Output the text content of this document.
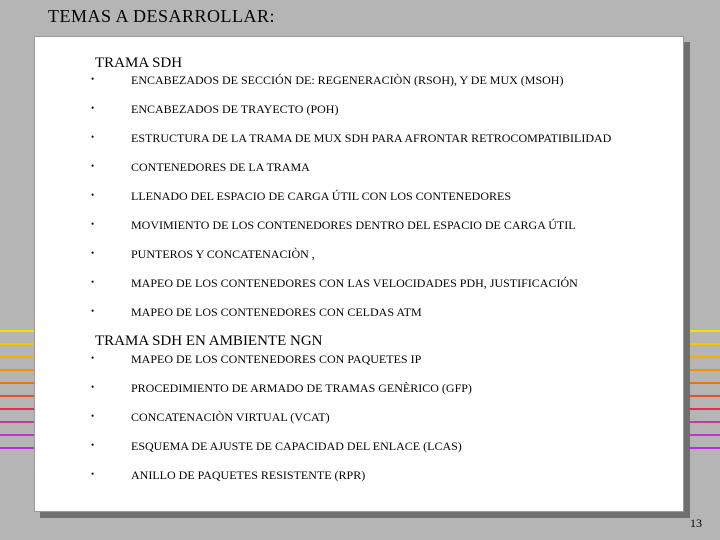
TEMAS A DESARROLLAR:
TRAMA SDH
•	ENCABEZADOS DE SECCIÓN DE: REGENERACIÒN (RSOH), Y DE MUX (MSOH)
•	ENCABEZADOS DE TRAYECTO (POH)
•	ESTRUCTURA DE LA TRAMA DE MUX SDH PARA AFRONTAR RETROCOMPATIBILIDAD
•	CONTENEDORES DE LA TRAMA
•	LLENADO DEL ESPACIO DE CARGA ÚTIL CON LOS CONTENEDORES
•	MOVIMIENTO DE LOS CONTENEDORES DENTRO DEL ESPACIO DE CARGA ÚTIL
•	PUNTEROS Y CONCATENACIÒN ,
•	MAPEO DE LOS CONTENEDORES CON LAS VELOCIDADES PDH, JUSTIFICACIÓN
•	MAPEO DE LOS CONTENEDORES CON CELDAS ATM
TRAMA SDH EN AMBIENTE NGN
•	MAPEO DE LOS CONTENEDORES CON PAQUETES IP
•	PROCEDIMIENTO DE ARMADO DE TRAMAS GENÈRICO (GFP)
•	CONCATENACIÒN VIRTUAL (VCAT)
•	ESQUEMA DE AJUSTE DE CAPACIDAD DEL ENLACE (LCAS)
•	ANILLO DE PAQUETES RESISTENTE (RPR)
13
